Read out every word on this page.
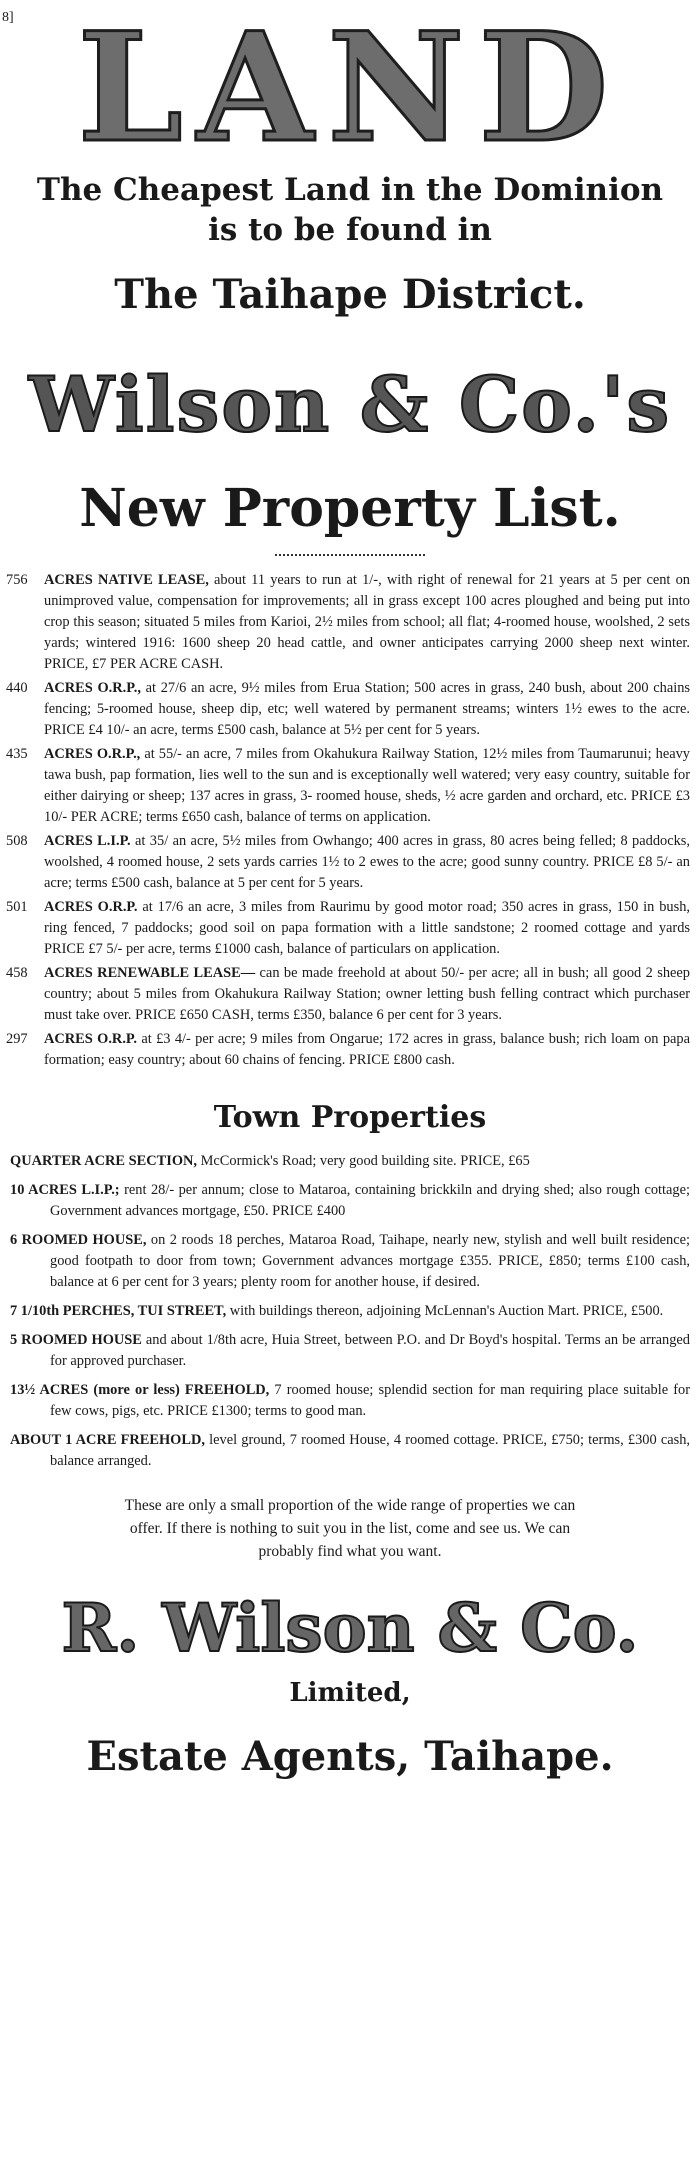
8] LAND
The Cheapest Land in the Dominion
is to be found in
The Taihape District.
Wilson & Co.'s
New Property List.
756	ACRES NATIVE LEASE, about 11 years to run at 1/-, with right of renewal for 21 years at 5 per cent on unimproved value, compensation for improvements; all in grass except 100 acres ploughed and being put into crop this season; situated 5 miles from Karioi, 2½ miles from school; all flat; 4-roomed house, woolshed, 2 sets yards; wintered 1916: 1600 sheep 20 head cattle, and owner anticipates carrying 2000 sheep next winter. PRICE, £7 PER ACRE CASH.
440	ACRES O.R.P., at 27/6 an acre, 9½ miles from Erua Station; 500 acres in grass, 240 bush, about 200 chains fencing; 5-roomed house, sheep dip, etc; well watered by permanent streams; winters 1½ ewes to the acre. PRICE £4 10/- an acre, terms £500 cash, balance at 5½ per cent for 5 years.
435	ACRES O.R.P., at 55/- an acre, 7 miles from Okahukura Railway Station, 12½ miles from Taumarunui; heavy tawa bush, pap formation, lies well to the sun and is exceptionally well watered; very easy country, suitable for either dairying or sheep; 137 acres in grass, 3- roomed house, sheds, ½ acre garden and orchard, etc. PRICE £3 10/- PER ACRE; terms £650 cash, balance of terms on application.
508	ACRES L.I.P. at 35/ an acre, 5½ miles from Owhango; 400 acres in grass, 80 acres being felled; 8 paddocks, woolshed, 4 roomed house, 2 sets yards carries 1½ to 2 ewes to the acre; good sunny country. PRICE £8 5/- an acre; terms £500 cash, balance at 5 per cent for 5 years.
501	ACRES O.R.P. at 17/6 an acre, 3 miles from Raurimu by good motor road; 350 acres in grass, 150 in bush, ring fenced, 7 paddocks; good soil on papa formation with a little sandstone; 2 roomed cottage and yards PRICE £7 5/- per acre, terms £1000 cash, balance of particulars on application.
458	ACRES RENEWABLE LEASE— can be made freehold at about 50/- per acre; all in bush; all good 2 sheep country; about 5 miles from Okahukura Railway Station; owner letting bush felling contract which purchaser must take over. PRICE £650 CASH, terms £350, balance 6 per cent for 3 years.
297	ACRES O.R.P. at £3 4/- per acre; 9 miles from Ongarue; 172 acres in grass, balance bush; rich loam on papa formation; easy country; about 60 chains of fencing. PRICE £800 cash.
Town Properties
QUARTER ACRE SECTION, McCormick's Road; very good building site. PRICE, £65
10 ACRES L.I.P.; rent 28/- per annum; close to Mataroa, containing brickkiln and drying shed; also rough cottage; Government advances mortgage, £50. PRICE £400
6 ROOMED HOUSE, on 2 roods 18 perches, Mataroa Road, Taihape, nearly new, stylish and well built residence; good footpath to door from town; Government advances mortgage £355. PRICE, £850; terms £100 cash, balance at 6 per cent for 3 years; plenty room for another house, if desired.
7 1/10th PERCHES, TUI STREET, with buildings thereon, adjoining McLennan's Auction Mart. PRICE, £500.
5 ROOMED HOUSE and about 1/8th acre, Huia Street, between P.O. and Dr Boyd's hospital. Terms an be arranged for approved purchaser.
13½ ACRES (more or less) FREEHOLD, 7 roomed house; splendid section for man requiring place suitable for few cows, pigs, etc. PRICE £1300; terms to good man.
ABOUT 1 ACRE FREEHOLD, level ground, 7 roomed House, 4 roomed cottage. PRICE, £750; terms, £300 cash, balance arranged.
These are only a small proportion of the wide range of properties we can
offer. If there is nothing to suit you in the list, come and see us. We can
probably find what you want.
R. Wilson & Co.
Limited,
Estate Agents, Taihape.
